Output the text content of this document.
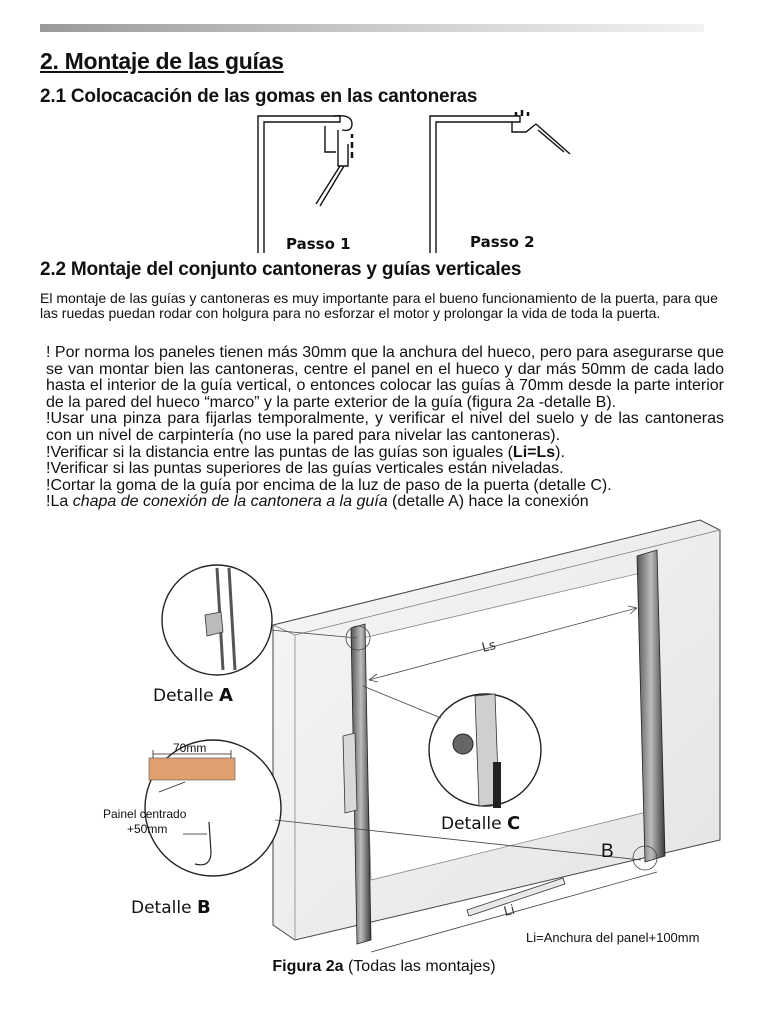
2. Montaje de las guías
2.1 Colocacación de las gomas en las cantoneras
Passo 1	Passo 2
2.2 Montaje del conjunto cantoneras y guías verticales

El montaje de las guías y cantoneras es muy importante para el bueno funcionamiento de la puerta, para que las ruedas puedan rodar con holgura para no esforzar el motor y prolongar la vida de toda la puerta.

! Por norma los paneles tienen más 30mm que la anchura del hueco, pero para asegurarse que se van montar bien las cantoneras, centre el panel en el hueco y dar más 50mm de cada lado hasta el interior de la guía vertical, o entonces colocar las guías à 70mm desde la parte interior de la pared del hueco “marco” y la parte exterior de la guía (figura 2a -detalle B).
!Usar una pinza para fijarlas temporalmente, y verificar el nivel del suelo y de las cantoneras con un nivel de carpintería (no use la pared para nivelar las cantoneras).
!Verificar si la distancia entre las puntas de las guías son iguales (Li=Ls).
!Verificar si las puntas superiores de las guías verticales están niveladas.
!Cortar la goma de la guía por encima de la luz de paso de la puerta (detalle C).
!La chapa de conexión de la cantonera a la guía (detalle A) hace la conexión
Ls
Li
Detalle A
Detalle C
70mm
Painel centrado
+50mm
Detalle B
B

Li=Anchura del panel+100mm

Figura 2a (Todas las montajes)
